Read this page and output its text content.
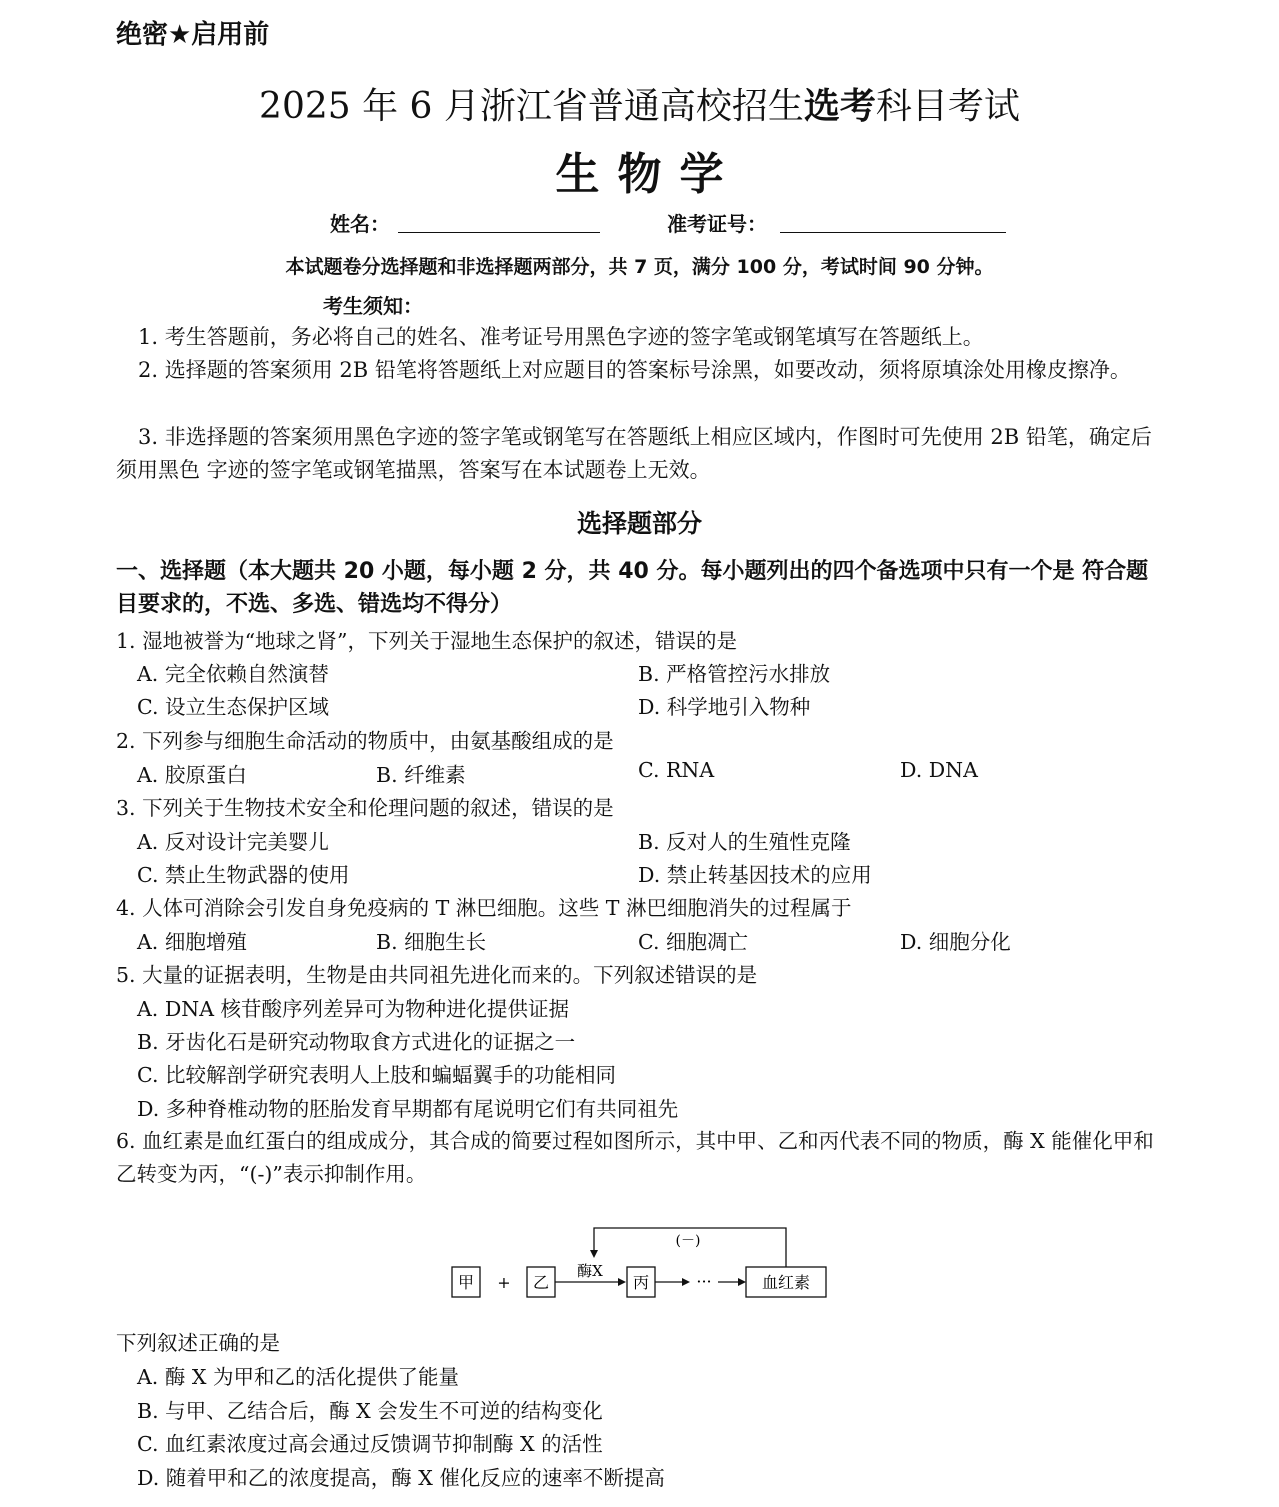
绝密★启用前
2025 年 6 月浙江省普通高校招生选考科目考试
生物学
姓名：	准考证号：
本试题卷分选择题和非选择题两部分，共 7 页，满分 100 分，考试时间 90 分钟。
考生须知：
1. 考生答题前，务必将自己的姓名、准考证号用黑色字迹的签字笔或钢笔填写在答题纸上。
2. 选择题的答案须用 2B 铅笔将答题纸上对应题目的答案标号涂黑，如要改动，须将原填涂处用橡皮擦净。
3. 非选择题的答案须用黑色字迹的签字笔或钢笔写在答题纸上相应区域内，作图时可先使用 2B 铅笔，确定后须用黑色 字迹的签字笔或钢笔描黑，答案写在本试题卷上无效。
选择题部分
一、选择题（本大题共 20 小题，每小题 2 分，共 40 分。每小题列出的四个备选项中只有一个是 符合题目要求的，不选、多选、错选均不得分）
1. 湿地被誉为“地球之肾”，下列关于湿地生态保护的叙述，错误的是
A. 完全依赖自然演替	B. 严格管控污水排放
C. 设立生态保护区域	D. 科学地引入物种
2. 下列参与细胞生命活动的物质中，由氨基酸组成的是
A. 胶原蛋白	B. 纤维素	C. RNA	D. DNA
3. 下列关于生物技术安全和伦理问题的叙述，错误的是
A. 反对设计完美婴儿	B. 反对人的生殖性克隆
C. 禁止生物武器的使用	D. 禁止转基因技术的应用
4. 人体可消除会引发自身免疫病的 T 淋巴细胞。这些 T 淋巴细胞消失的过程属于
A. 细胞增殖	B. 细胞生长	C. 细胞凋亡	D. 细胞分化
5. 大量的证据表明，生物是由共同祖先进化而来的。下列叙述错误的是
A. DNA 核苷酸序列差异可为物种进化提供证据
B. 牙齿化石是研究动物取食方式进化的证据之一
C. 比较解剖学研究表明人上肢和蝙蝠翼手的功能相同
D. 多种脊椎动物的胚胎发育早期都有尾说明它们有共同祖先
6. 血红素是血红蛋白的组成成分，其合成的简要过程如图所示，其中甲、乙和丙代表不同的物质，酶 X 能催化甲和乙转变为丙，“(-)”表示抑制作用。
甲 + 乙
酶X
丙	···	血红素
(－)
下列叙述正确的是
A. 酶 X 为甲和乙的活化提供了能量
B. 与甲、乙结合后，酶 X 会发生不可逆的结构变化
C. 血红素浓度过高会通过反馈调节抑制酶 X 的活性
D. 随着甲和乙的浓度提高，酶 X 催化反应的速率不断提高
